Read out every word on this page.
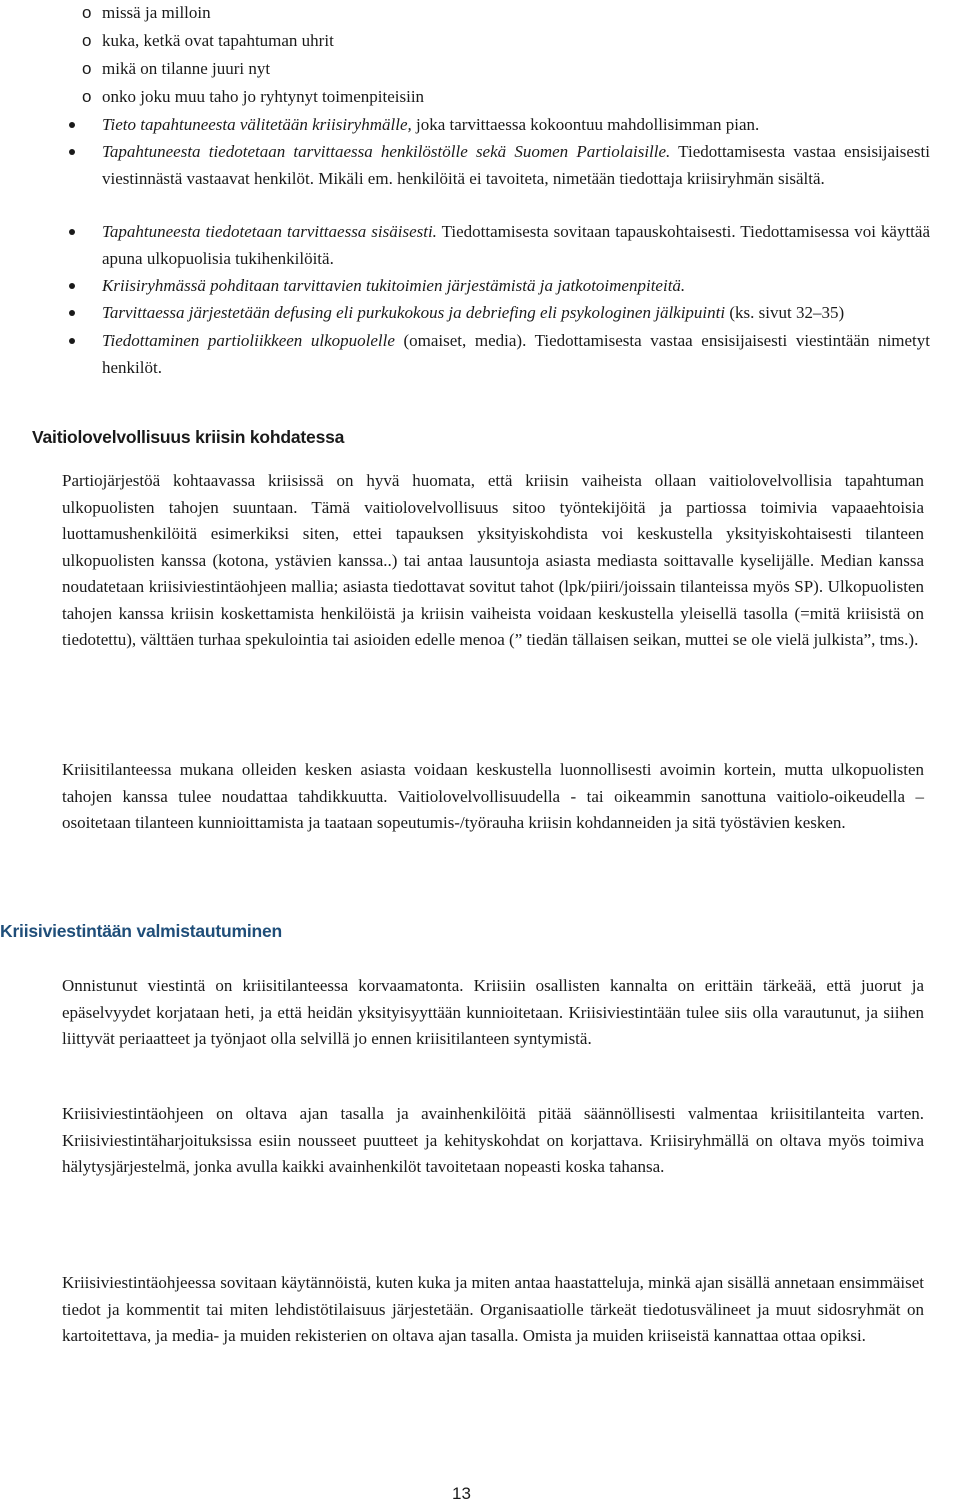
o missä ja milloin
o kuka, ketkä ovat tapahtuman uhrit
o mikä on tilanne juuri nyt
o onko joku muu taho jo ryhtynyt toimenpiteisiin
Tieto tapahtuneesta välitetään kriisiryhmälle, joka tarvittaessa kokoontuu mahdollisimman pian.
Tapahtuneesta tiedotetaan tarvittaessa henkilöstölle sekä Suomen Partiolaisille. Tiedottamisesta vastaa ensisijaisesti viestinnästä vastaavat henkilöt. Mikäli em. henkilöitä ei tavoiteta, nimetään tiedottaja kriisiryhmän sisältä.
Tapahtuneesta tiedotetaan tarvittaessa sisäisesti. Tiedottamisesta sovitaan tapauskohtaisesti. Tiedottamisessa voi käyttää apuna ulkopuolisia tukihenkilöitä.
Kriisiryhmässä pohditaan tarvittavien tukitoimien järjestämistä ja jatkotoimenpiteitä.
Tarvittaessa järjestetään defusing eli purkukokous ja debriefing eli psykologinen jälkipuinti (ks. sivut 32–35)
Tiedottaminen partioliikkeen ulkopuolelle (omaiset, media). Tiedottamisesta vastaa ensisijaisesti viestintään nimetyt henkilöt.
Vaitiolovelvollisuus kriisin kohdatessa
Partiojärjestöä kohtaavassa kriisissä on hyvä huomata, että kriisin vaiheista ollaan vaitiolovelvollisia tapahtuman ulkopuolisten tahojen suuntaan. Tämä vaitiolovelvollisuus sitoo työntekijöitä ja partiossa toimivia vapaaehtoisia luottamushenkilöitä esimerkiksi siten, ettei tapauksen yksityiskohdista voi keskustella yksityiskohtaisesti tilanteen ulkopuolisten kanssa (kotona, ystävien kanssa..) tai antaa lausuntoja asiasta mediasta soittavalle kyselijälle. Median kanssa noudatetaan kriisiviestintäohjeen mallia; asiasta tiedottavat sovitut tahot (lpk/piiri/joissain tilanteissa myös SP). Ulkopuolisten tahojen kanssa kriisin koskettamista henkilöistä ja kriisin vaiheista voidaan keskustella yleisellä tasolla (=mitä kriisistä on tiedotettu), välttäen turhaa spekulointia tai asioiden edelle menoa (” tiedän tällaisen seikan, muttei se ole vielä julkista”, tms.).
Kriisitilanteessa mukana olleiden kesken asiasta voidaan keskustella luonnollisesti avoimin kortein, mutta ulkopuolisten tahojen kanssa tulee noudattaa tahdikkuutta. Vaitiolovelvollisuudella - tai oikeammin sanottuna vaitiolo-oikeudella – osoitetaan tilanteen kunnioittamista ja taataan sopeutumis-/työrauha kriisin kohdanneiden ja sitä työstävien kesken.
Kriisiviestintään valmistautuminen
Onnistunut viestintä on kriisitilanteessa korvaamatonta. Kriisiin osallisten kannalta on erittäin tärkeää, että juorut ja epäselvyydet korjataan heti, ja että heidän yksityisyyttään kunnioitetaan. Kriisiviestintään tulee siis olla varautunut, ja siihen liittyvät periaatteet ja työnjaot olla selvillä jo ennen kriisitilanteen syntymistä.
Kriisiviestintäohjeen on oltava ajan tasalla ja avainhenkilöitä pitää säännöllisesti valmentaa kriisitilanteita varten. Kriisiviestintäharjoituksissa esiin nousseet puutteet ja kehityskohdat on korjattava. Kriisiryhmällä on oltava myös toimiva hälytysjärjestelmä, jonka avulla kaikki avainhenkilöt tavoitetaan nopeasti koska tahansa.
Kriisiviestintäohjeessa sovitaan käytännöistä, kuten kuka ja miten antaa haastatteluja, minkä ajan sisällä annetaan ensimmäiset tiedot ja kommentit tai miten lehdistötilaisuus järjestetään. Organisaatiolle tärkeät tiedotusvälineet ja muut sidosryhmät on kartoitettava, ja media- ja muiden rekisterien on oltava ajan tasalla. Omista ja muiden kriiseistä kannattaa ottaa opiksi.
13
